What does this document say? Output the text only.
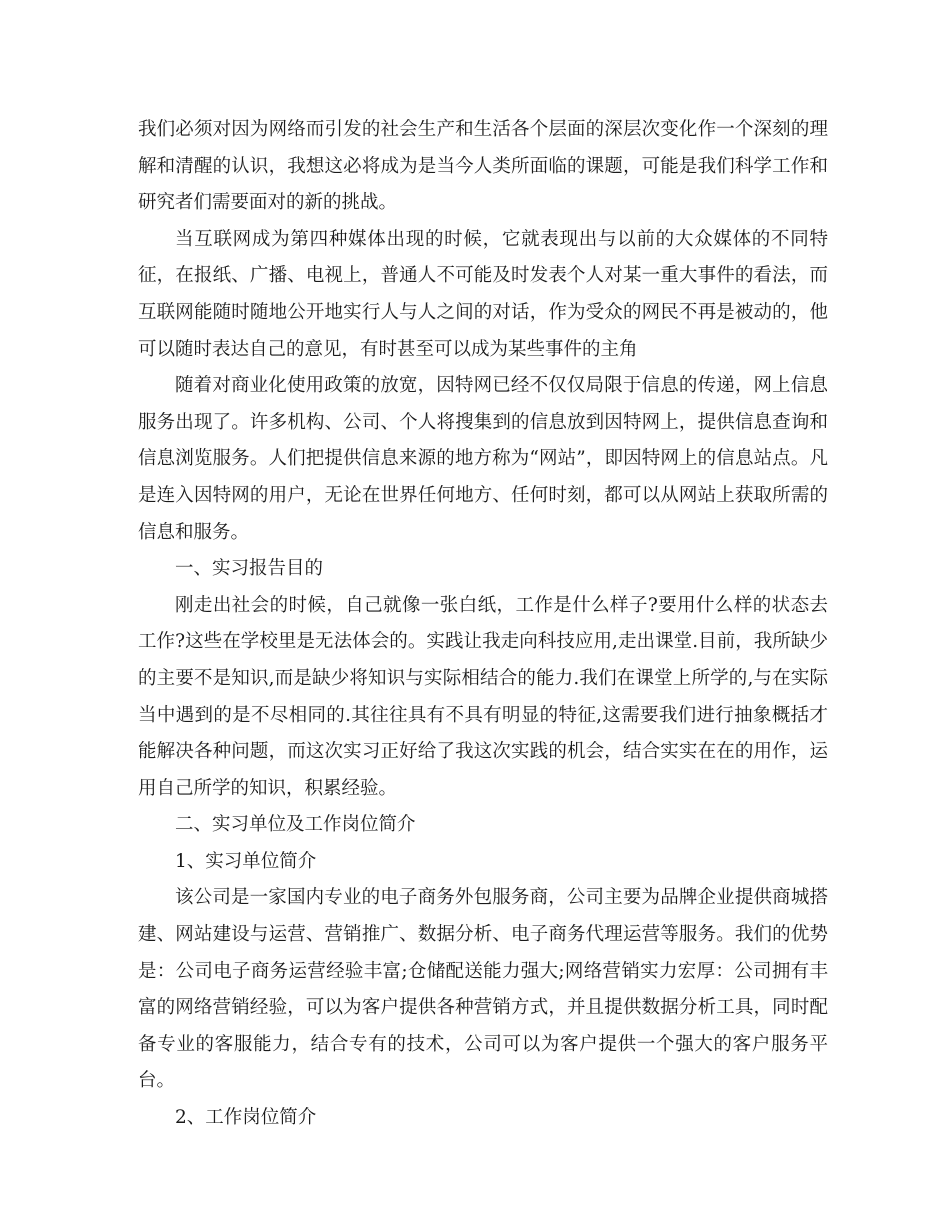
我们必须对因为网络而引发的社会生产和生活各个层面的深层次变化作一个深刻的理解和清醒的认识，我想这必将成为是当今人类所面临的课题，可能是我们科学工作和研究者们需要面对的新的挑战。

当互联网成为第四种媒体出现的时候，它就表现出与以前的大众媒体的不同特征，在报纸、广播、电视上，普通人不可能及时发表个人对某一重大事件的看法，而互联网能随时随地公开地实行人与人之间的对话，作为受众的网民不再是被动的，他可以随时表达自己的意见，有时甚至可以成为某些事件的主角

随着对商业化使用政策的放宽，因特网已经不仅仅局限于信息的传递，网上信息服务出现了。许多机构、公司、个人将搜集到的信息放到因特网上，提供信息查询和信息浏览服务。人们把提供信息来源的地方称为“网站”，即因特网上的信息站点。凡是连入因特网的用户，无论在世界任何地方、任何时刻，都可以从网站上获取所需的信息和服务。

一、实习报告目的

刚走出社会的时候，自己就像一张白纸，工作是什么样子?要用什么样的状态去工作?这些在学校里是无法体会的。实践让我走向科技应用,走出课堂.目前，我所缺少的主要不是知识,而是缺少将知识与实际相结合的能力.我们在课堂上所学的,与在实际当中遇到的是不尽相同的.其往往具有不具有明显的特征,这需要我们进行抽象概括才能解决各种问题，而这次实习正好给了我这次实践的机会，结合实实在在的用作，运用自己所学的知识，积累经验。

二、实习单位及工作岗位简介

1、实习单位简介

该公司是一家国内专业的电子商务外包服务商，公司主要为品牌企业提供商城搭建、网站建设与运营、营销推广、数据分析、电子商务代理运营等服务。我们的优势是：公司电子商务运营经验丰富;仓储配送能力强大;网络营销实力宏厚：公司拥有丰富的网络营销经验，可以为客户提供各种营销方式，并且提供数据分析工具，同时配备专业的客服能力，结合专有的技术，公司可以为客户提供一个强大的客户服务平台。

2、工作岗位简介
